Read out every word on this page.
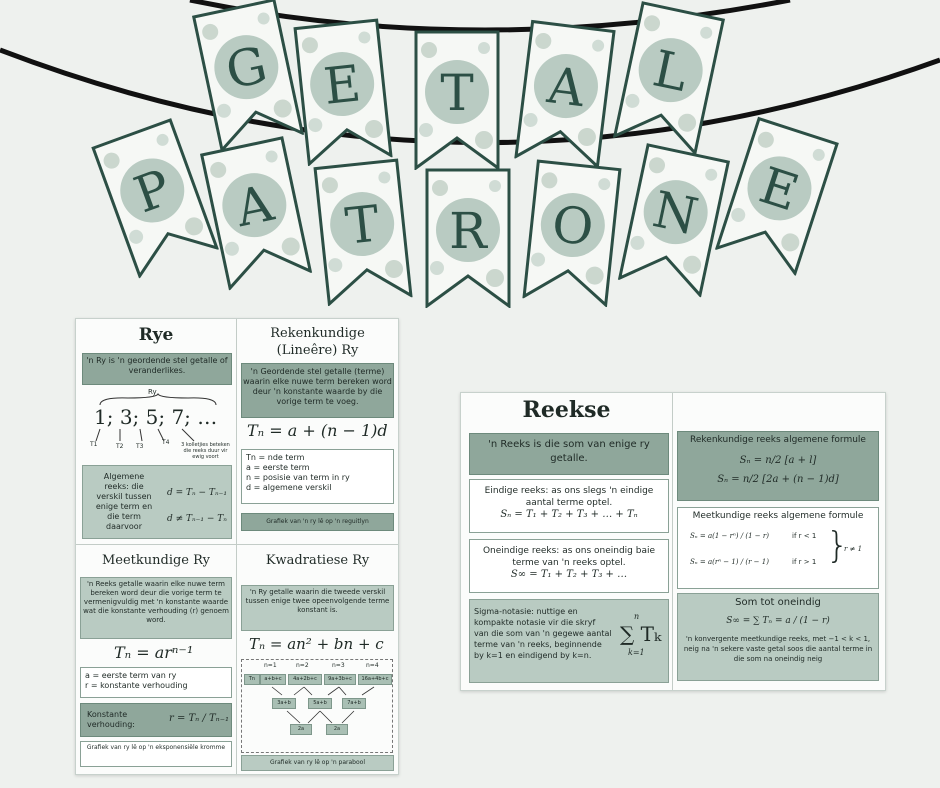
G E	T	A	L
P	A	T	R	O	N E
Rye
'n Ry is 'n geordende stel getalle of veranderlikes.
Ry
1; 3; 5; 7; …
T1	T2 T3
T4	3 kolletjies beteken die reeks duur vir ewig voort
Algemene reeks: die verskil tussen enige term en die term daarvoor
d = Tₙ − Tₙ₋₁
d ≠ Tₙ₋₁ − Tₙ
Rekenkundige (Lineêre) Ry
'n Geordende stel getalle (terme) waarin elke nuwe term bereken word deur 'n konstante waarde by die vorige term te voeg.
Tₙ = a + (n − 1)d
Tn = nde term
a = eerste term
n = posisie van term in ry
d = algemene verskil
Grafiek van 'n ry lê op 'n reguitlyn
Meetkundige Ry
'n Reeks getalle waarin elke nuwe term bereken word deur die vorige term te vermenigvuldig met 'n konstante waarde wat die konstante verhouding (r) genoem word.
Tₙ = arⁿ⁻¹
a = eerste term van ry
r = konstante verhouding
Konstante verhouding:
r = Tₙ / Tₙ₋₁
Grafiek van ry lê op 'n eksponensiële kromme
Kwadratiese Ry
'n Ry getalle waarin die tweede verskil tussen enige twee opeenvolgende terme konstant is.
Tₙ = an² + bn + c
n=1	n=2	n=3	n=4
Tn	a+b+c	4a+2b+c	9a+3b+c	16a+4b+c
3a+b	5a+b	7a+b
2a	2a
Grafiek van ry lê op 'n parabool
Reekse
'n Reeks is die som van enige ry getalle.
Eindige reeks: as ons slegs 'n eindige aantal terme optel.
Sₙ = T₁ + T₂ + T₃ + … + Tₙ
Oneindige reeks: as ons oneindig baie terme van 'n reeks optel.
S∞ = T₁ + T₂ + T₃ + …
Sigma-notasie: nuttige en kompakte notasie vir die skryf van die som van 'n gegewe aantal terme van 'n reeks, beginnende by k=1 en eindigend by k=n.
n
∑ Tₖ
k=1
Rekenkundige reeks algemene formule
Sₙ = n/2 [a + l]
Sₙ = n/2 [2a + (n − 1)d]
Meetkundige reeks algemene formule
Sₙ = a(1 − rⁿ) / (1 − r)	if r < 1
Sₙ = a(rⁿ − 1) / (r − 1)	if r > 1 }
r ≠ 1
Som tot oneindig
S∞ = ∑ Tₙ = a / (1 − r)
'n konvergente meetkundige reeks, met −1 < k < 1, neig na 'n sekere vaste getal soos die aantal terme in die som na oneindig neig
